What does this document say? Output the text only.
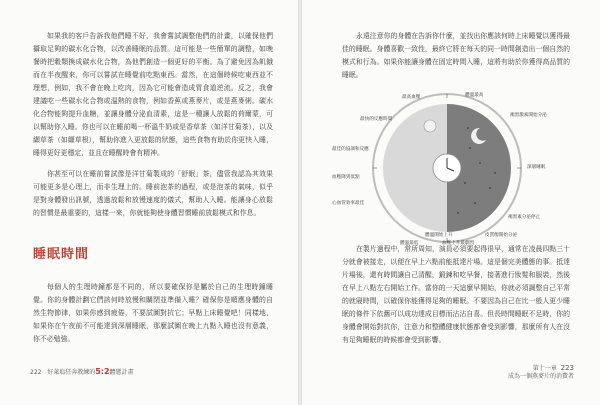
如果我的客戶告訴我他們睡不好，我會嘗試調整他們的計畫，以確保他們攝取足夠的碳水化合物，以改善睡眠的品質。這可能是一些簡單的調整，如晚餐時把穀類換成碳水化合物，為他們創造一個更好的平衡。為了避免因為飢餓而在半夜醒來，你可以嘗試在睡覺前吃點東西。當然，在這個時候吃東西並不理想，例如，我不會在晚上吃肉，因為它可能會造成胃食道逆流。反之，我會建議吃一些碳水化合物或溫熱的食物，例如香蕉或燕麥片，或是燕麥粥。碳水化合物能夠提升血糖，並讓身體分泌血清素，這是一種讓人放鬆的荷爾蒙，可以幫助你入睡。你也可以在睡前喝一杯溫牛奶或是香草茶（如洋甘菊茶），以及纈草茶（如纈草根），幫助你進入更放鬆的狀態，這些食物有助於你更快入睡，睡得更好更穩定，並且在睡醒時會有精神。

你甚至可以在睡前嘗試像是洋甘菊製成的「舒眠」茶，儘管我認為其效果可能更多是心理上，而非生理上的。睡前泡茶的過程，或是泡茶的氣味，似乎是對身體發出訊號，透過放鬆和放慢速度的儀式，幫助人入睡。能讓身心放鬆的習慣是最重要的，這樣一來，你就能夠使身體習慣睡前放鬆模式和作息。

睡眠時間

每個人的生理時鐘都是不同的，所以要確保你是屬於自己的生理時鐘睡覺。你的身體計劃它們該何時放慢和關閉並準備入睡？確保你是順應身體的自然生物節律，如果你感到疲倦，不要試圖對抗它；早點上床睡覺吧！同樣地，如果你在午夜前不可能達到深層睡眠，那麼試圖在晚上九點入睡也沒有意義，你不必勉強。

222 好萊塢狂奔教練的5:2體態計畫

永遠注意你的身體在告訴你什麼，並找出你應該何時上床睡覺以獲得最佳的睡眠。身體喜歡一致性，最終它將在每天的同一時間創造出一個自然的模式和行為。如果你能讓身體在固定時間入睡，這將有助於你獲得高品質的睡眠。

在製片過程中，常所周知，演員必須要起得很早，通常在凌晨四點三十分就會被接走，以便在早上六點前能抵達片場。這是個完美體態的事。抵達片場後，還有時間讓自己清醒，鍛鍊和吃早餐，接著進行妝髮和服裝，然後在早上八點左右開始工作。當你的一天這麼早開始，你就必須調整自己平常的就寢時間，以確保你能獲得足夠的睡眠。不要因為自己在比一般人更少睡眠的條件下依舊可以成功達成目標而沾沾自喜。但長時間睡眠不足時，你的身體會開始對抗你，注意力和整體健康狀態都會受到影響，那麼所有人在沒有足夠睡眠的時候都會受到影響。

第十一章 223
成為一個燕麥片的消費者
最高血壓	體溫最高
最快的反應時間
褪黑激素開始分泌
最佳的協調和反應
血壓降到低點
心血管效率最佳
深層睡眠
體溫最低
體溫開始上升
血壓上升最劇烈
皮質醇開始分泌
褪黑素分泌停止
